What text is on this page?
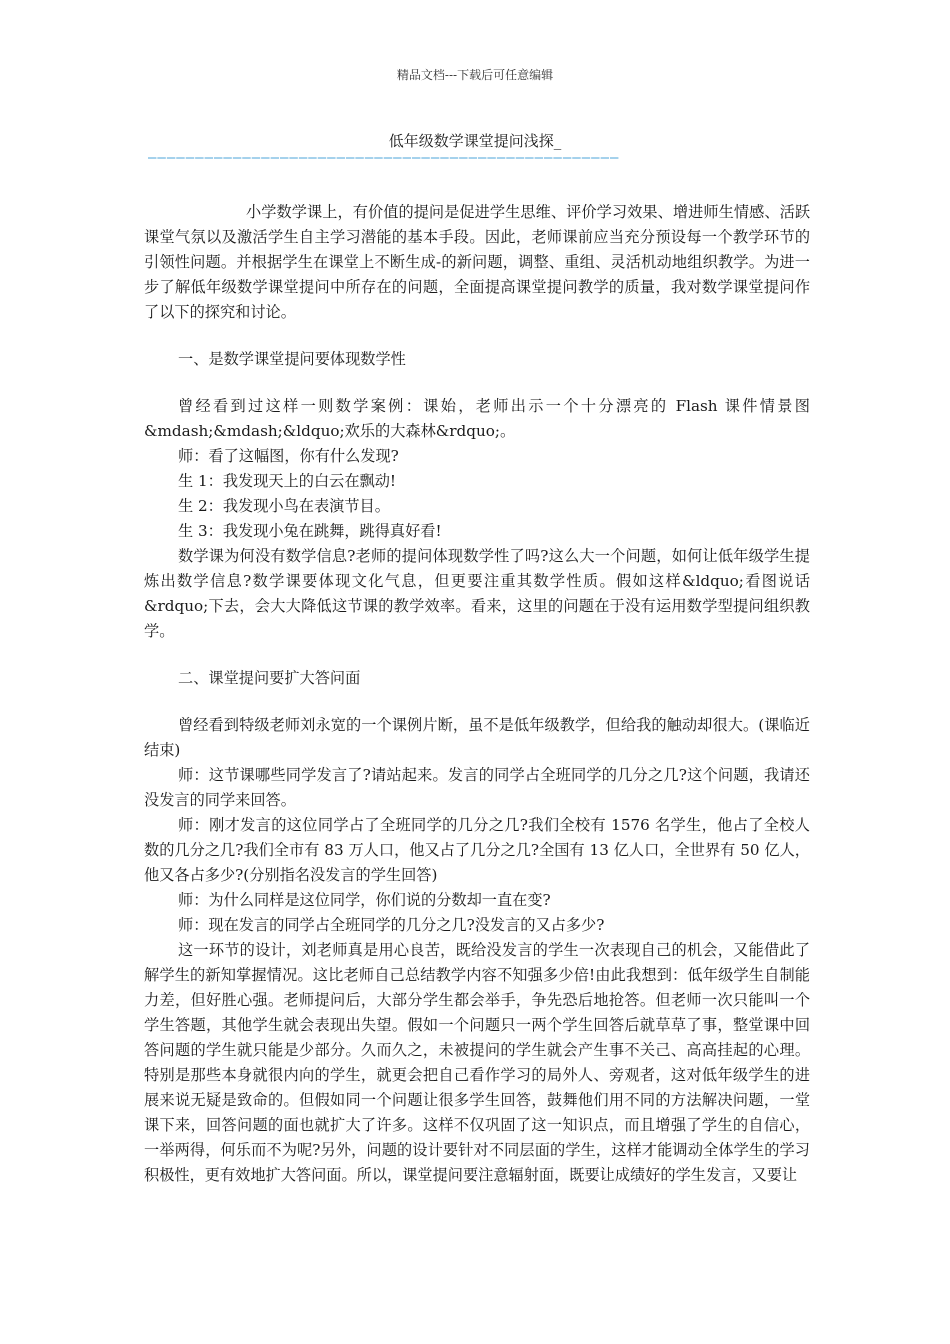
精品文档---下载后可任意编辑
低年级数学课堂提问浅探_
——————————————————————————————————————————————————

小学数学课上，有价值的提问是促进学生思维、评价学习效果、增进师生情感、活跃课堂气氛以及激活学生自主学习潜能的基本手段。因此，老师课前应当充分预设每一个教学环节的引领性问题。并根据学生在课堂上不断生成-的新问题，调整、重组、灵活机动地组织教学。为进一步了解低年级数学课堂提问中所存在的问题，全面提高课堂提问教学的质量，我对数学课堂提问作了以下的探究和讨论。

一、是数学课堂提问要体现数学性

曾经看到过这样一则数学案例：课始，老师出示一个十分漂亮的 Flash 课件情景图&mdash;&mdash;&ldquo;欢乐的大森林&rdquo;。

师：看了这幅图，你有什么发现?

生 1：我发现天上的白云在飘动!

生 2：我发现小鸟在表演节目。

生 3：我发现小兔在跳舞，跳得真好看!

数学课为何没有数学信息?老师的提问体现数学性了吗?这么大一个问题，如何让低年级学生提炼出数学信息?数学课要体现文化气息，但更要注重其数学性质。假如这样&ldquo;看图说话&rdquo;下去，会大大降低这节课的教学效率。看来，这里的问题在于没有运用数学型提问组织教学。

二、课堂提问要扩大答问面

曾经看到特级老师刘永宽的一个课例片断，虽不是低年级教学，但给我的触动却很大。(课临近结束)

师：这节课哪些同学发言了?请站起来。发言的同学占全班同学的几分之几?这个问题，我请还没发言的同学来回答。

师：刚才发言的这位同学占了全班同学的几分之几?我们全校有 1576 名学生，他占了全校人数的几分之几?我们全市有 83 万人口，他又占了几分之几?全国有 13 亿人口，全世界有 50 亿人，他又各占多少?(分别指名没发言的学生回答)

师：为什么同样是这位同学，你们说的分数却一直在变?

师：现在发言的同学占全班同学的几分之几?没发言的又占多少?

这一环节的设计，刘老师真是用心良苦，既给没发言的学生一次表现自己的机会，又能借此了解学生的新知掌握情况。这比老师自己总结教学内容不知强多少倍!由此我想到：低年级学生自制能力差，但好胜心强。老师提问后，大部分学生都会举手，争先恐后地抢答。但老师一次只能叫一个学生答题，其他学生就会表现出失望。假如一个问题只一两个学生回答后就草草了事，整堂课中回答问题的学生就只能是少部分。久而久之，未被提问的学生就会产生事不关己、高高挂起的心理。特别是那些本身就很内向的学生，就更会把自己看作学习的局外人、旁观者，这对低年级学生的进展来说无疑是致命的。但假如同一个问题让很多学生回答，鼓舞他们用不同的方法解决问题，一堂课下来，回答问题的面也就扩大了许多。这样不仅巩固了这一知识点，而且增强了学生的自信心，一举两得，何乐而不为呢?另外，问题的设计要针对不同层面的学生，这样才能调动全体学生的学习积极性，更有效地扩大答问面。所以，课堂提问要注意辐射面，既要让成绩好的学生发言，又要让
